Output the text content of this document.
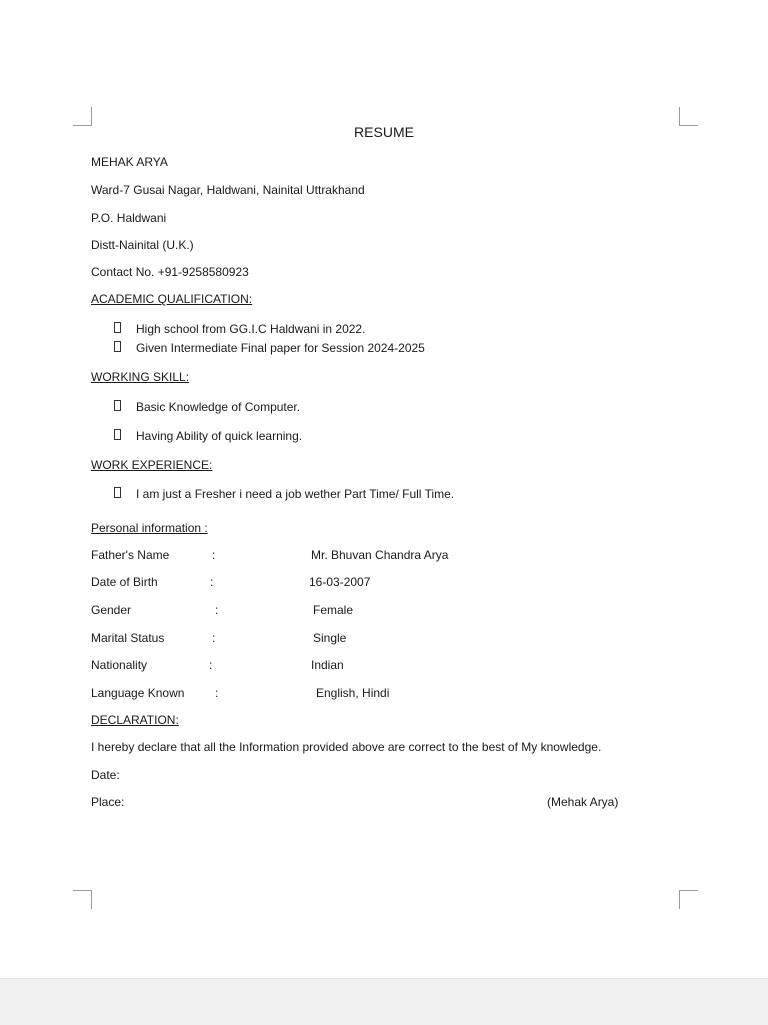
RESUME
MEHAK ARYA
Ward-7 Gusai Nagar, Haldwani, Nainital Uttrakhand
P.O. Haldwani
Distt-Nainital (U.K.)
Contact No. +91-9258580923
ACADEMIC QUALIFICATION:
High school from GG.I.C Haldwani in 2022.
Given Intermediate Final paper for Session 2024-2025
WORKING SKILL:
Basic Knowledge of Computer.
Having Ability of quick learning.
WORK EXPERIENCE:
I am just a Fresher i need a job wether Part Time/ Full Time.
Personal information :
Father's Name	:	Mr. Bhuvan Chandra Arya
Date of Birth	:	16-03-2007
Gender	:	Female
Marital Status	:	Single
Nationality	:	Indian
Language Known	:	English, Hindi
DECLARATION:
I hereby declare that all the Information provided above are correct to the best of My knowledge.
Date:
Place:	(Mehak Arya)
